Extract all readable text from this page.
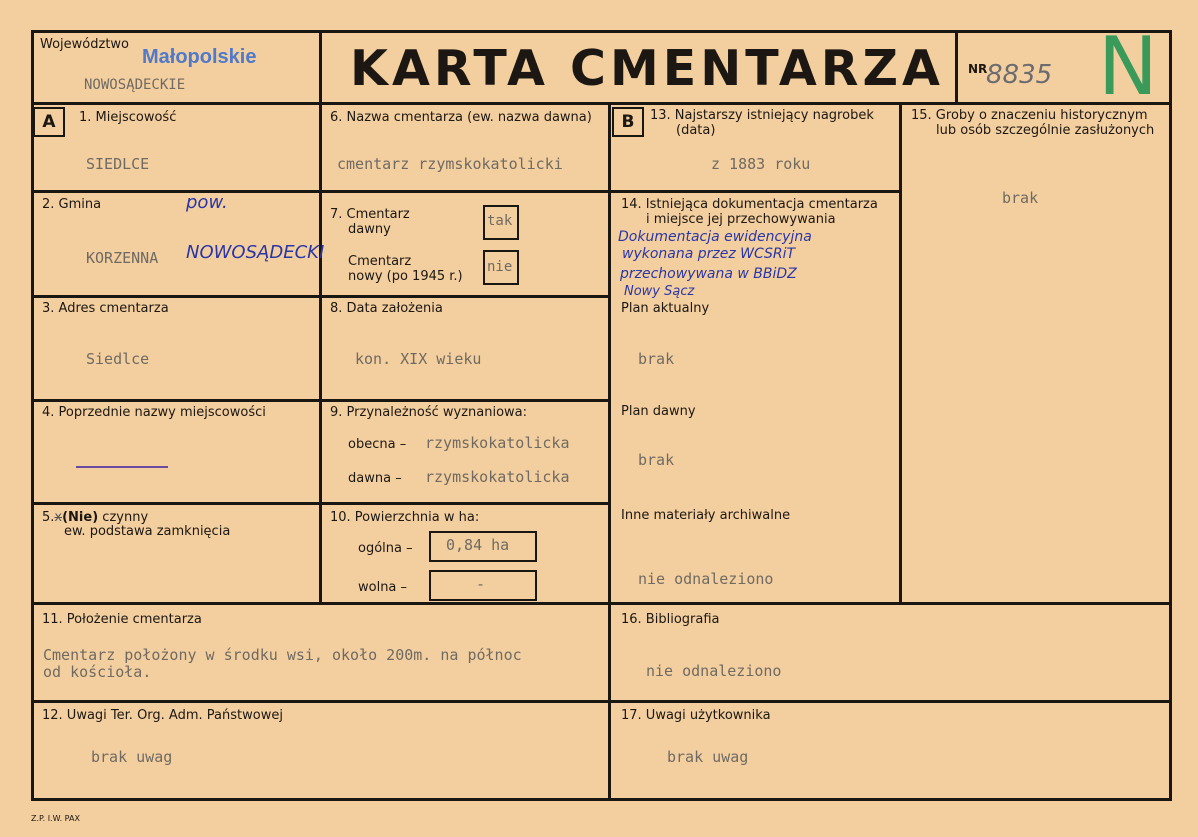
Województwo
Małopolskie
NOWOSĄDECKIE	KARTA CMENTARZA NR
8835 N
A	B
1. Miejscowość
SIEDLCE
2. Gmina	pow.
KORZENNA NOWOSĄDECKI
3. Adres cmentarza
Siedlce
4. Poprzednie nazwy miejscowości
5.x(Nie) czynny
ew. podstawa zamknięcia
6. Nazwa cmentarza (ew. nazwa dawna)
cmentarz rzymskokatolicki
7. Cmentarz
dawny
tak
Cmentarz
nowy (po 1945 r.)
nie
8. Data założenia
kon. XIX wieku
9. Przynależność wyznaniowa:
obecna – rzymskokatolicka
dawna – rzymskokatolicka
10. Powierzchnia w ha:
ogólna – 0,84 ha
wolna –	-
13. Najstarszy istniejący nagrobek
(data)
z 1883 roku
14. Istniejąca dokumentacja cmentarza
i miejsce jej przechowywania
Dokumentacja ewidencyjna
wykonana przez WCSRiT
przechowywana w BBiDZ
Nowy Sącz
Plan aktualny
brak
Plan dawny
brak
Inne materiały archiwalne
nie odnaleziono
15. Groby o znaczeniu historycznym
lub osób szczególnie zasłużonych
brak
11. Położenie cmentarza
Cmentarz położony w środku wsi, około 200m. na północ
od kościoła.
16. Bibliografia
nie odnaleziono
12. Uwagi Ter. Org. Adm. Państwowej
brak uwag
17. Uwagi użytkownika
brak uwag
Z.P. I.W. PAX
